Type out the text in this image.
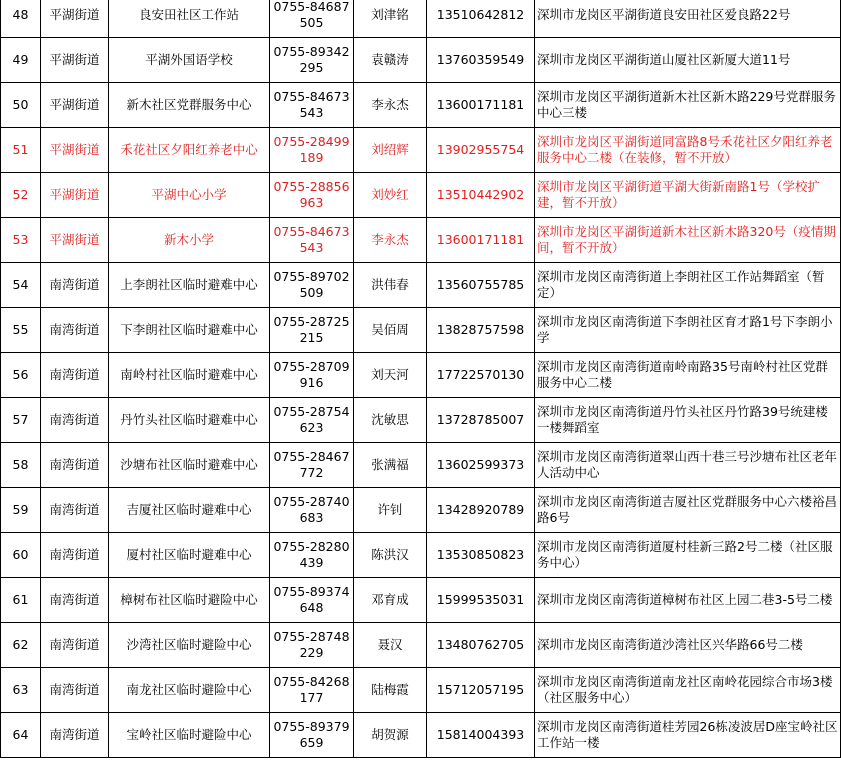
48	平湖街道	良安田社区工作站	0755-84687505	刘津铭	13510642812	深圳市龙岗区平湖街道良安田社区爱良路22号
49	平湖街道	平湖外国语学校	0755-89342295	袁赣涛	13760359549	深圳市龙岗区平湖街道山厦社区新厦大道11号
50	平湖街道	新木社区党群服务中心	0755-84673543	李永杰	13600171181	深圳市龙岗区平湖街道新木社区新木路229号党群服务中心三楼
51	平湖街道	禾花社区夕阳红养老中心	0755-28499189	刘绍辉	13902955754	深圳市龙岗区平湖街道同富路8号禾花社区夕阳红养老服务中心二楼（在装修，暂不开放）
52	平湖街道	平湖中心小学	0755-28856963	刘妙红	13510442902	深圳市龙岗区平湖街道平湖大街新南路1号（学校扩建，暂不开放）
53	平湖街道	新木小学	0755-84673543	李永杰	13600171181	深圳市龙岗区平湖街道新木社区新木路320号（疫情期间，暂不开放）
54	南湾街道	上李朗社区临时避难中心	0755-89702509	洪伟春	13560755785	深圳市龙岗区南湾街道上李朗社区工作站舞蹈室（暂定）
55	南湾街道	下李朗社区临时避难中心	0755-28725215	吴佰周	13828757598	深圳市龙岗区南湾街道下李朗社区育才路1号下李朗小学
56	南湾街道	南岭村社区临时避难中心	0755-28709916	刘天河	17722570130	深圳市龙岗区南湾街道南岭南路35号南岭村社区党群服务中心二楼
57	南湾街道	丹竹头社区临时避难中心	0755-28754623	沈敏思	13728785007	深圳市龙岗区南湾街道丹竹头社区丹竹路39号统建楼一楼舞蹈室
58	南湾街道	沙塘布社区临时避难中心	0755-28467772	张满福	13602599373	深圳市龙岗区南湾街道翠山西十巷三号沙塘布社区老年人活动中心
59	南湾街道	吉厦社区临时避难中心	0755-28740683	许钊	13428920789	深圳市龙岗区南湾街道吉厦社区党群服务中心六楼裕昌路6号
60	南湾街道	厦村社区临时避难中心	0755-28280439	陈洪汉	13530850823	深圳市龙岗区南湾街道厦村桂新三路2号二楼（社区服务中心）
61	南湾街道	樟树布社区临时避险中心	0755-89374648	邓育成	15999535031	深圳市龙岗区南湾街道樟树布社区上园二巷3-5号二楼
62	南湾街道	沙湾社区临时避险中心	0755-28748229	聂汉	13480762705	深圳市龙岗区南湾街道沙湾社区兴华路66号二楼
63	南湾街道	南龙社区临时避险中心	0755-84268177	陆梅霞	15712057195	深圳市龙岗区南湾街道南龙社区南岭花园综合市场3楼（社区服务中心）
64	南湾街道	宝岭社区临时避险中心	0755-89379659	胡贺源	15814004393	深圳市龙岗区南湾街道桂芳园26栋凌波居D座宝岭社区工作站一楼
